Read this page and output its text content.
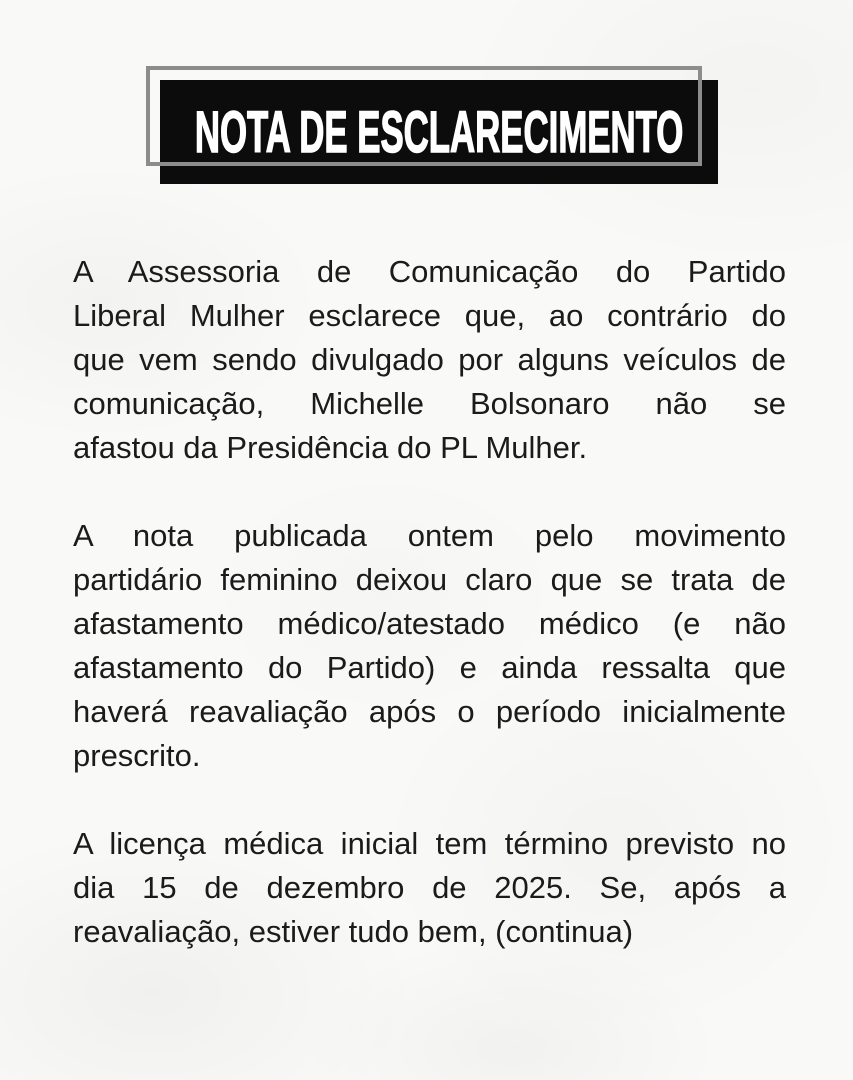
NOTA DE ESCLARECIMENTO
A Assessoria de Comunicação do Partido
Liberal Mulher esclarece que, ao contrário do
que vem sendo divulgado por alguns veículos de
comunicação, Michelle Bolsonaro não se
afastou da Presidência do PL Mulher.
A nota publicada ontem pelo movimento
partidário feminino deixou claro que se trata de
afastamento médico/atestado médico (e não
afastamento do Partido) e ainda ressalta que
haverá reavaliação após o período inicialmente
prescrito.
A licença médica inicial tem término previsto no
dia 15 de dezembro de 2025. Se, após a
reavaliação, estiver tudo bem, (continua)
